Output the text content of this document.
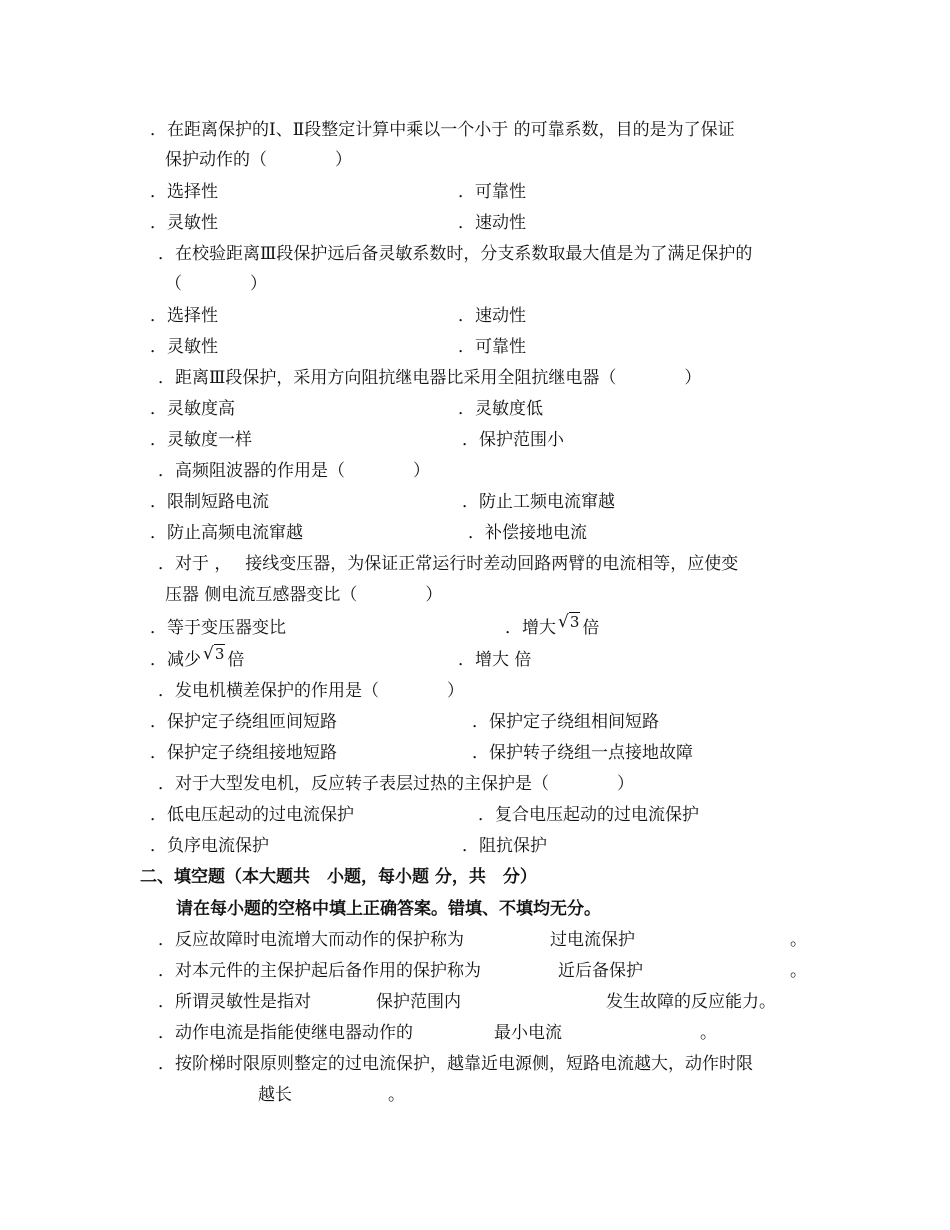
．在距离保护的Ⅰ、Ⅱ段整定计算中乘以一个小于 的可靠系数，目的是为了保证
保护动作的（　　　　）
．选择性	．可靠性
．灵敏性	．速动性
．在校验距离Ⅲ段保护远后备灵敏系数时，分支系数取最大值是为了满足保护的
（　　　　）
．选择性	．速动性
．灵敏性	．可靠性
．距离Ⅲ段保护，采用方向阻抗继电器比采用全阻抗继电器（　　　　）
．灵敏度高	．灵敏度低
．灵敏度一样	．保护范围小
．高频阻波器的作用是（　　　　）
．限制短路电流	．防止工频电流窜越
．防止高频电流窜越	．补偿接地电流
．对于 ，　 接线变压器，为保证正常运行时差动回路两臂的电流相等，应使变
压器 侧电流互感器变比（　　　　）
．等于变压器变比	．增大 √3 倍
．减少 √3 倍	．增大 倍
．发电机横差保护的作用是（　　　　）
．保护定子绕组匝间短路	．保护定子绕组相间短路
．保护定子绕组接地短路	．保护转子绕组一点接地故障
．对于大型发电机，反应转子表层过热的主保护是（　　　　）
．低电压起动的过电流保护	．复合电压起动的过电流保护
．负序电流保护	．阻抗保护
二、填空题（本大题共　小题，每小题 分，共　分）
请在每小题的空格中填上正确答案。错填、不填均无分。
．反应故障时电流增大而动作的保护称为	过电流保护	。
．对本元件的主保护起后备作用的保护称为	近后备保护	。
．所谓灵敏性是指对	保护范围内	发生故障的反应能力。
．动作电流是指能使继电器动作的	最小电流	。
．按阶梯时限原则整定的过电流保护，越靠近电源侧，短路电流越大，动作时限
越长	。
